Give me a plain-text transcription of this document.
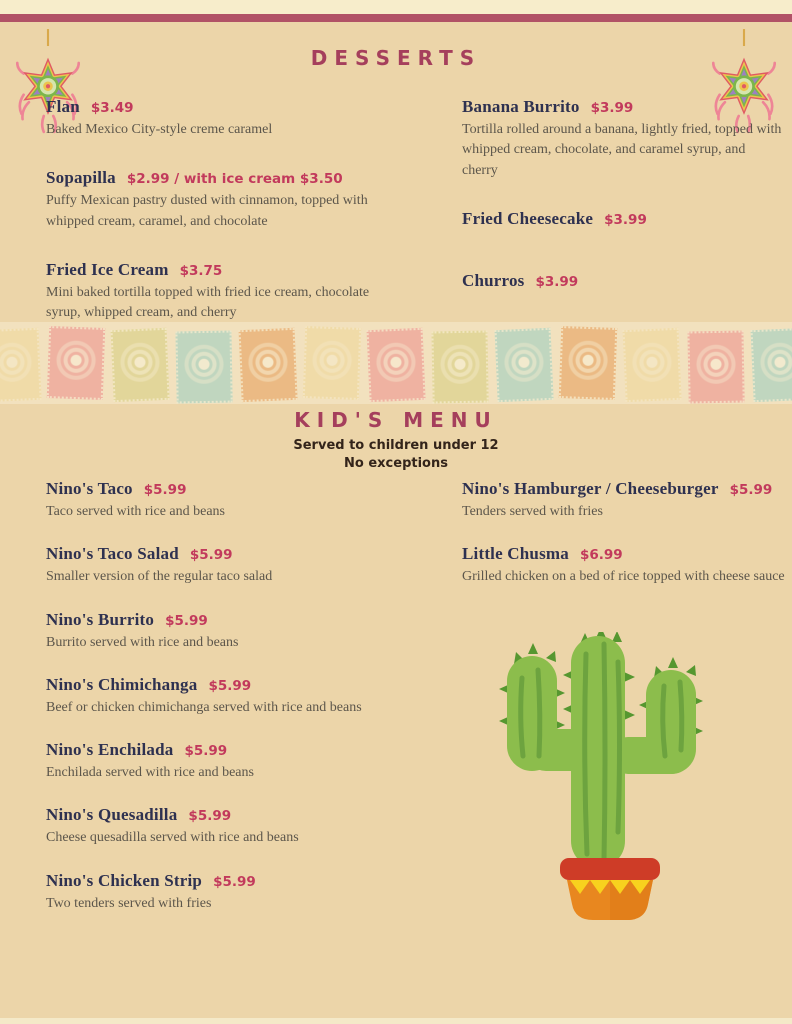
DESSERTS
Flan $3.49
Baked Mexico City-style creme caramel
Sopapilla $2.99 / with ice cream $3.50
Puffy Mexican pastry dusted with cinnamon, topped with whipped cream, caramel, and chocolate
Fried Ice Cream $3.75
Mini baked tortilla topped with fried ice cream, chocolate syrup, whipped cream, and cherry
Banana Burrito $3.99
Tortilla rolled around a banana, lightly fried, topped with whipped cream, chocolate, and caramel syrup, and cherry
Fried Cheesecake $3.99
Churros $3.99
KID'S MENU
Served to children under 12
No exceptions
Nino's Taco $5.99
Taco served with rice and beans
Nino's Taco Salad $5.99
Smaller version of the regular taco salad
Nino's Burrito $5.99
Burrito served with rice and beans
Nino's Chimichanga $5.99
Beef or chicken chimichanga served with rice and beans
Nino's Enchilada $5.99
Enchilada served with rice and beans
Nino's Quesadilla $5.99
Cheese quesadilla served with rice and beans
Nino's Chicken Strip $5.99
Two tenders served with fries
Nino's Hamburger / Cheeseburger $5.99
Tenders served with fries
Little Chusma $6.99
Grilled chicken on a bed of rice topped with cheese sauce
